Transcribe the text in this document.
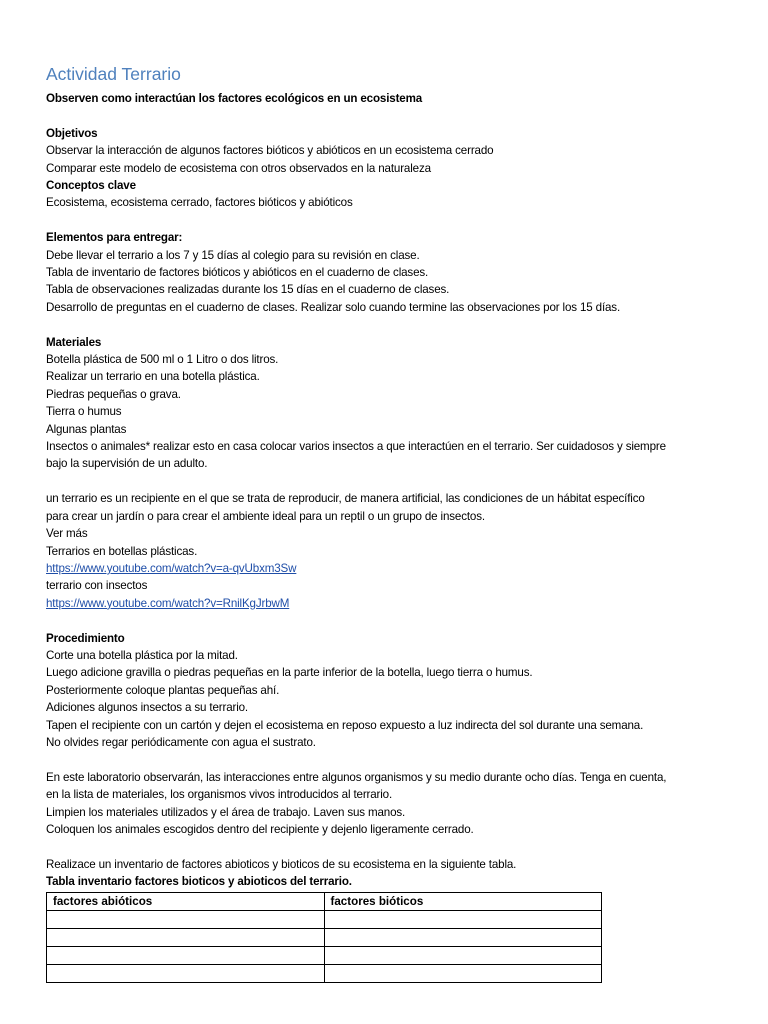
Actividad Terrario
Observen como interactúan los factores ecológicos en un ecosistema
Objetivos
Observar la interacción de algunos factores bióticos y abióticos en un ecosistema cerrado
Comparar este modelo de ecosistema con otros observados en la naturaleza
Conceptos clave
Ecosistema, ecosistema cerrado, factores bióticos y abióticos
Elementos para entregar:
Debe llevar el terrario a los 7 y 15 días al colegio para su revisión en clase.
Tabla de inventario de factores bióticos y abióticos en el cuaderno de clases.
Tabla de observaciones realizadas durante los 15 días en el cuaderno de clases.
Desarrollo de preguntas en el cuaderno de clases. Realizar solo cuando termine las observaciones por los 15 días.
Materiales
Botella plástica de 500 ml o 1 Litro o dos litros.
Realizar un terrario en una botella plástica.
Piedras pequeñas o grava.
Tierra o humus
Algunas plantas
Insectos o animales* realizar esto en casa colocar varios insectos a que interactúen en el terrario. Ser cuidadosos y siempre
bajo la supervisión de un adulto.
un terrario es un recipiente en el que se trata de reproducir, de manera artificial, las condiciones de un hábitat específico
para crear un jardín o para crear el ambiente ideal para un reptil o un grupo de insectos.
Ver más
Terrarios en botellas plásticas.
https://www.youtube.com/watch?v=a-qvUbxm3Sw
terrario con insectos
https://www.youtube.com/watch?v=RnilKgJrbwM
Procedimiento
Corte una botella plástica por la mitad.
Luego adicione gravilla o piedras pequeñas en la parte inferior de la botella, luego tierra o humus.
Posteriormente coloque plantas pequeñas ahí.
Adiciones algunos insectos a su terrario.
Tapen el recipiente con un cartón y dejen el ecosistema en reposo expuesto a luz indirecta del sol durante una semana.
No olvides regar periódicamente con agua el sustrato.
En este laboratorio observarán, las interacciones entre algunos organismos y su medio durante ocho días. Tenga en cuenta,
en la lista de materiales, los organismos vivos introducidos al terrario.
Limpien los materiales utilizados y el área de trabajo. Laven sus manos.
Coloquen los animales escogidos dentro del recipiente y dejenlo ligeramente cerrado.
Realizace un inventario de factores abioticos y bioticos de su ecosistema en la siguiente tabla.
Tabla inventario factores bioticos y abioticos del terrario.
factores abióticos	factores bióticos
